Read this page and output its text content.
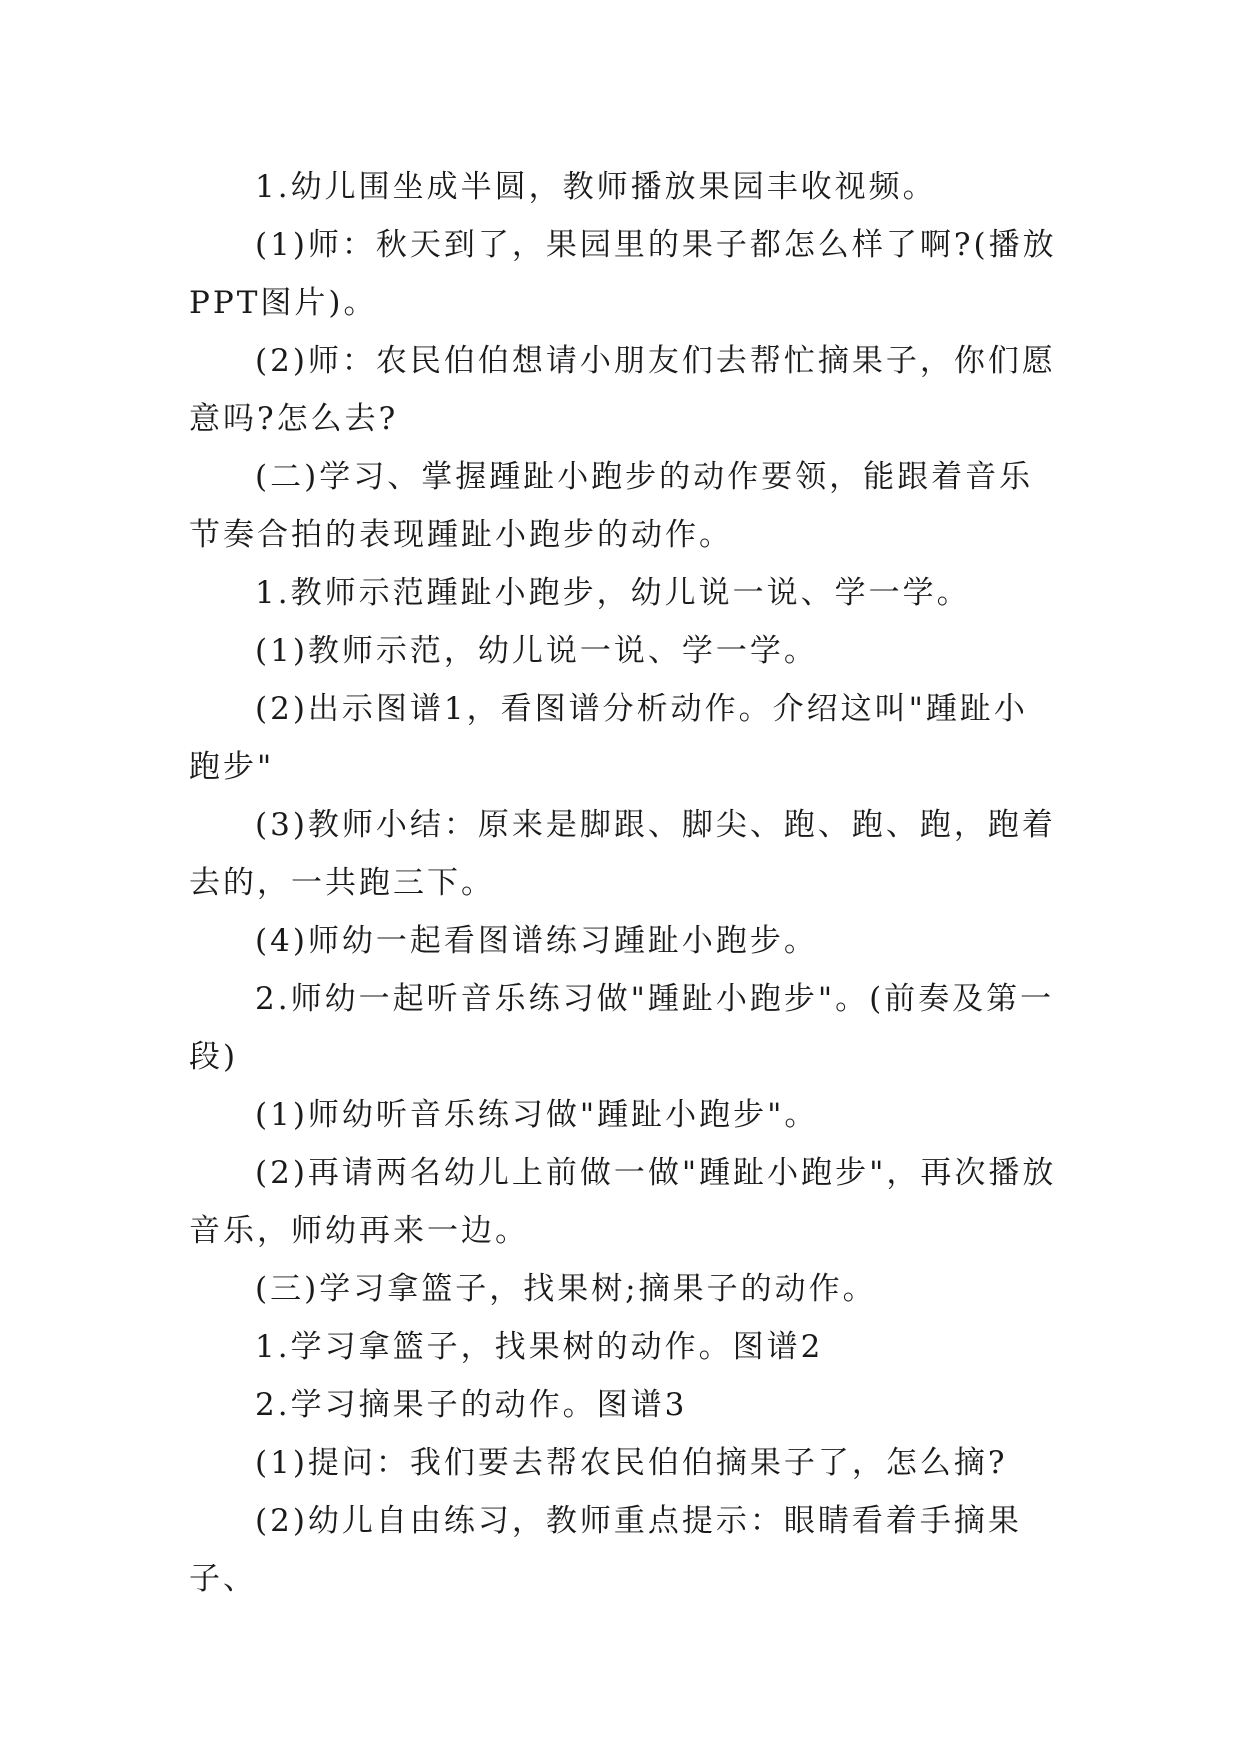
1.幼儿围坐成半圆，教师播放果园丰收视频。

(1)师：秋天到了，果园里的果子都怎么样了啊?(播放PPT图片)。

(2)师：农民伯伯想请小朋友们去帮忙摘果子，你们愿意吗?怎么去?

(二)学习、掌握踵趾小跑步的动作要领，能跟着音乐节奏合拍的表现踵趾小跑步的动作。

1.教师示范踵趾小跑步，幼儿说一说、学一学。

(1)教师示范，幼儿说一说、学一学。

(2)出示图谱1，看图谱分析动作。介绍这叫"踵趾小跑步"

(3)教师小结：原来是脚跟、脚尖、跑、跑、跑，跑着去的，一共跑三下。

(4)师幼一起看图谱练习踵趾小跑步。

2.师幼一起听音乐练习做"踵趾小跑步"。(前奏及第一段)

(1)师幼听音乐练习做"踵趾小跑步"。

(2)再请两名幼儿上前做一做"踵趾小跑步"，再次播放音乐，师幼再来一边。

(三)学习拿篮子，找果树;摘果子的动作。

1.学习拿篮子，找果树的动作。图谱2

2.学习摘果子的动作。图谱3

(1)提问：我们要去帮农民伯伯摘果子了，怎么摘?

(2)幼儿自由练习，教师重点提示：眼睛看着手摘果子、
